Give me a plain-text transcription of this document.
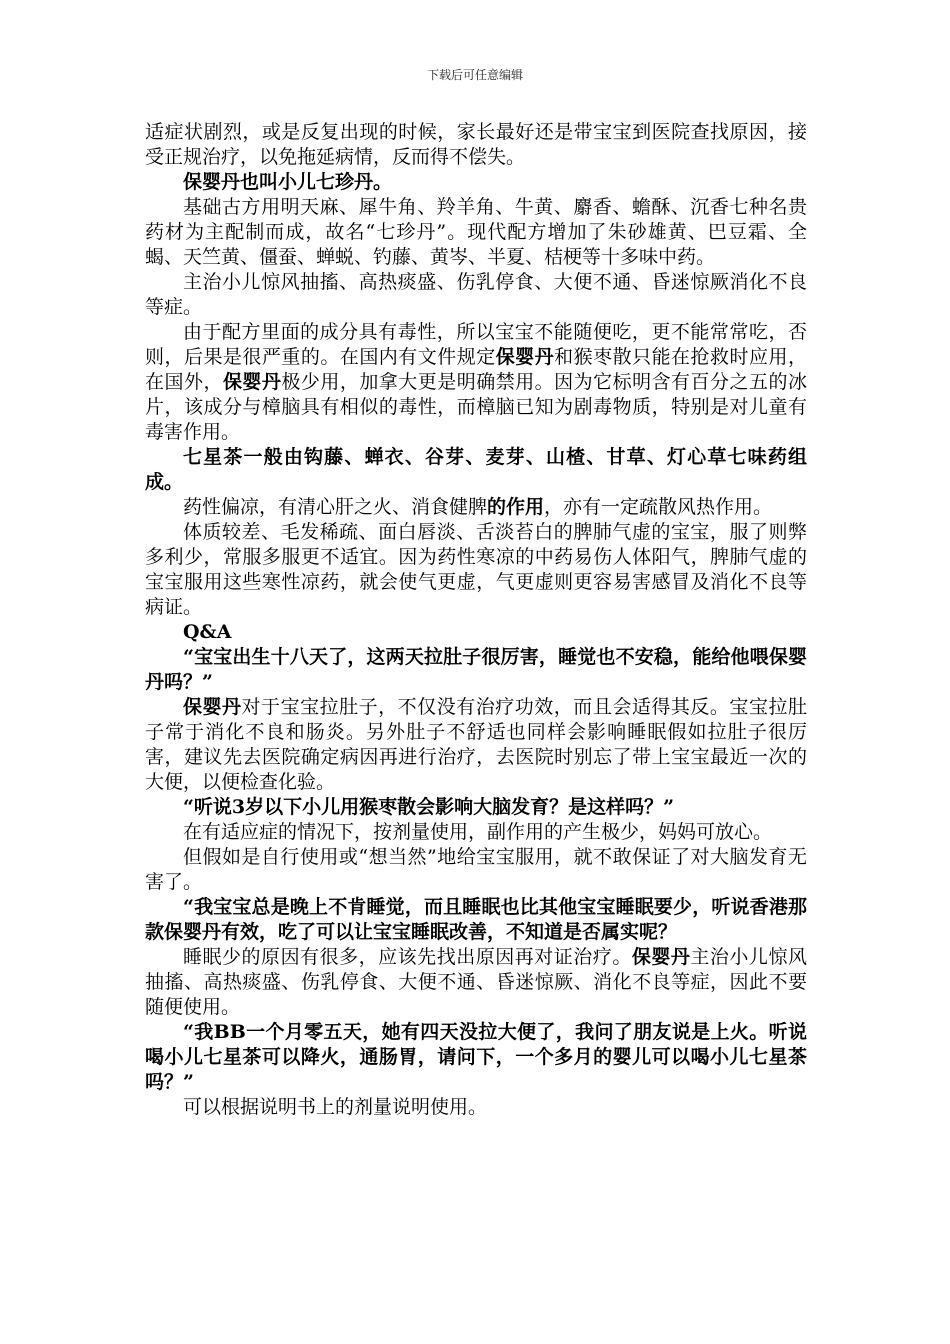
下载后可任意编辑

适症状剧烈，或是反复出现的时候，家长最好还是带宝宝到医院查找原因，接受正规治疗，以免拖延病情，反而得不偿失。

保婴丹也叫小儿七珍丹。

基础古方用明天麻、犀牛角、羚羊角、牛黄、麝香、蟾酥、沉香七种名贵药材为主配制而成，故名“七珍丹”。现代配方增加了朱砂雄黄、巴豆霜、全蝎、天竺黄、僵蚕、蝉蜕、钓藤、黄岑、半夏、桔梗等十多味中药。

主治小儿惊风抽搐、高热痰盛、伤乳停食、大便不通、昏迷惊厥消化不良等症。

由于配方里面的成分具有毒性，所以宝宝不能随便吃，更不能常常吃，否则，后果是很严重的。在国内有文件规定保婴丹和猴枣散只能在抢救时应用，在国外，保婴丹极少用，加拿大更是明确禁用。因为它标明含有百分之五的冰片，该成分与樟脑具有相似的毒性，而樟脑已知为剧毒物质，特别是对儿童有毒害作用。

七星茶一般由钩藤、蝉衣、谷芽、麦芽、山楂、甘草、灯心草七味药组成。

药性偏凉，有清心肝之火、消食健脾的作用，亦有一定疏散风热作用。

体质较差、毛发稀疏、面白唇淡、舌淡苔白的脾肺气虚的宝宝，服了则弊多利少，常服多服更不适宜。因为药性寒凉的中药易伤人体阳气，脾肺气虚的宝宝服用这些寒性凉药，就会使气更虚，气更虚则更容易害感冒及消化不良等病证。

Q&A

“宝宝出生十八天了，这两天拉肚子很厉害，睡觉也不安稳，能给他喂保婴丹吗？”

保婴丹对于宝宝拉肚子，不仅没有治疗功效，而且会适得其反。宝宝拉肚子常于消化不良和肠炎。另外肚子不舒适也同样会影响睡眠假如拉肚子很厉害，建议先去医院确定病因再进行治疗，去医院时别忘了带上宝宝最近一次的大便，以便检查化验。

“听说3岁以下小儿用猴枣散会影响大脑发育？是这样吗？”

在有适应症的情况下，按剂量使用，副作用的产生极少，妈妈可放心。

但假如是自行使用或“想当然”地给宝宝服用，就不敢保证了对大脑发育无害了。

“我宝宝总是晚上不肯睡觉，而且睡眠也比其他宝宝睡眠要少，听说香港那款保婴丹有效，吃了可以让宝宝睡眠改善，不知道是否属实呢？

睡眠少的原因有很多，应该先找出原因再对证治疗。保婴丹主治小儿惊风抽搐、高热痰盛、伤乳停食、大便不通、昏迷惊厥、消化不良等症，因此不要随便使用。

“我BB一个月零五天，她有四天没拉大便了，我问了朋友说是上火。听说喝小儿七星茶可以降火，通肠胃，请问下，一个多月的婴儿可以喝小儿七星茶吗？”

可以根据说明书上的剂量说明使用。
